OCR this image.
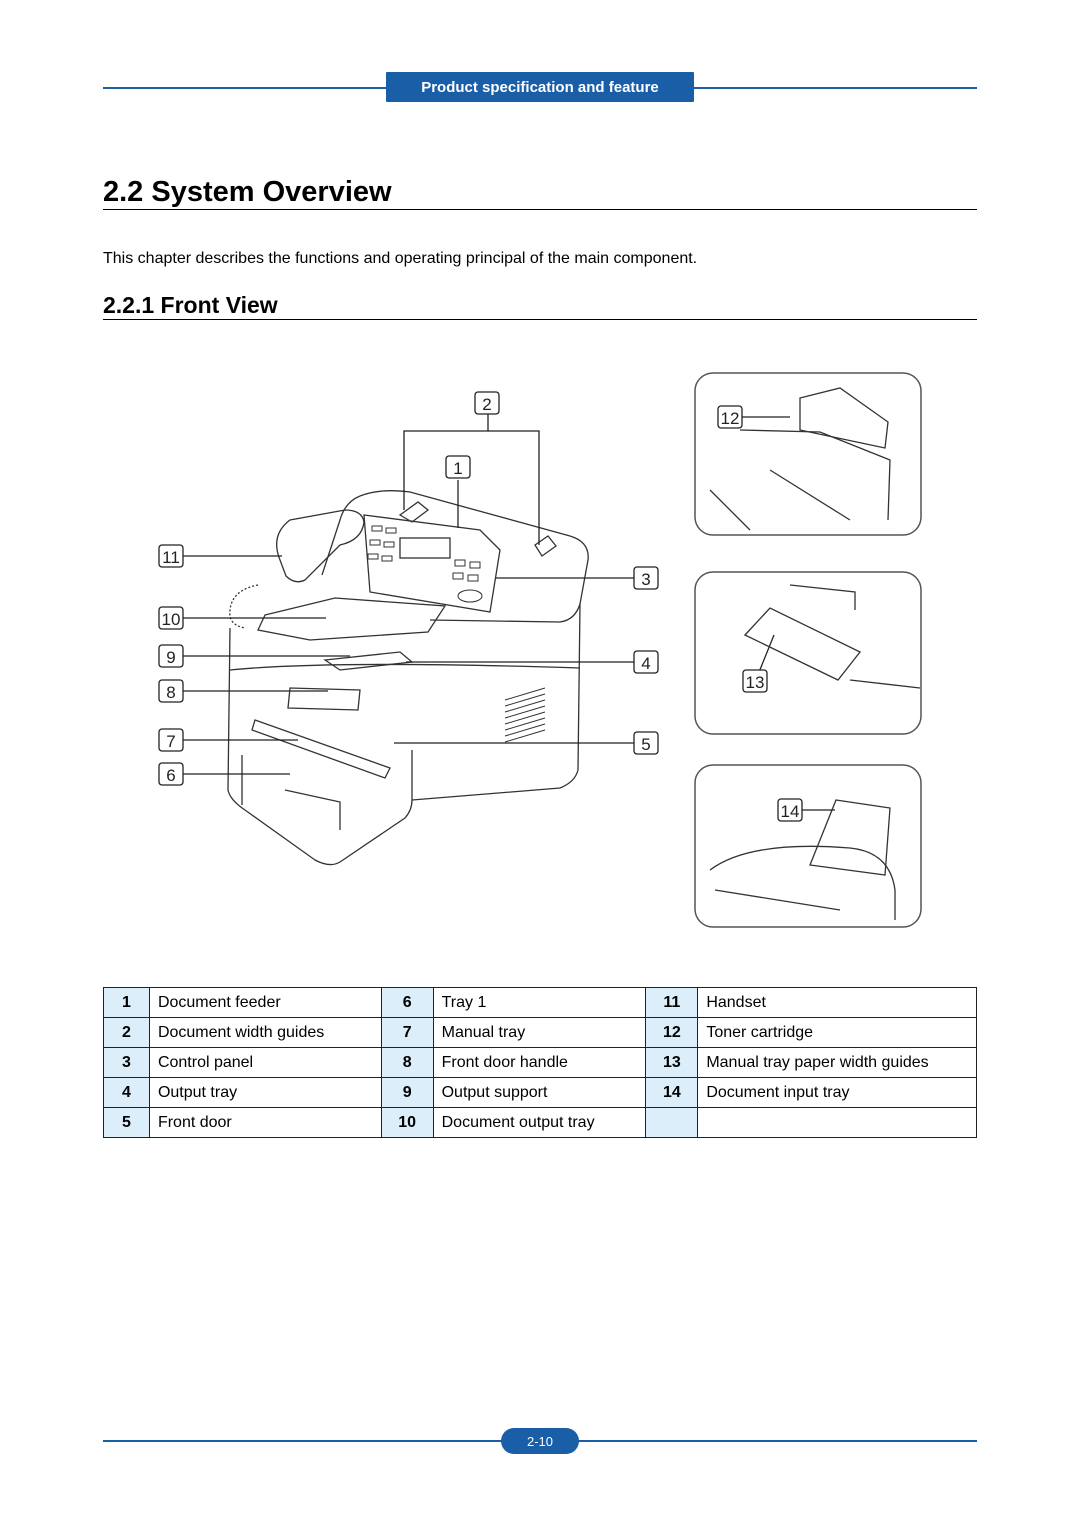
Product specification and feature
2.2 System Overview

This chapter describes the functions and operating principal of the main component.

2.2.1 Front View
2
1
3
4
5
11
10
9
8
7
6
12
13
14
1	Document feeder	6	Tray 1	11	Handset
2	Document width guides	7	Manual tray	12	Toner cartridge
3	Control panel	8	Front door handle	13	Manual tray paper width guides
4	Output tray	9	Output support	14	Document input tray
5	Front door	10	Document output tray		
2-10
